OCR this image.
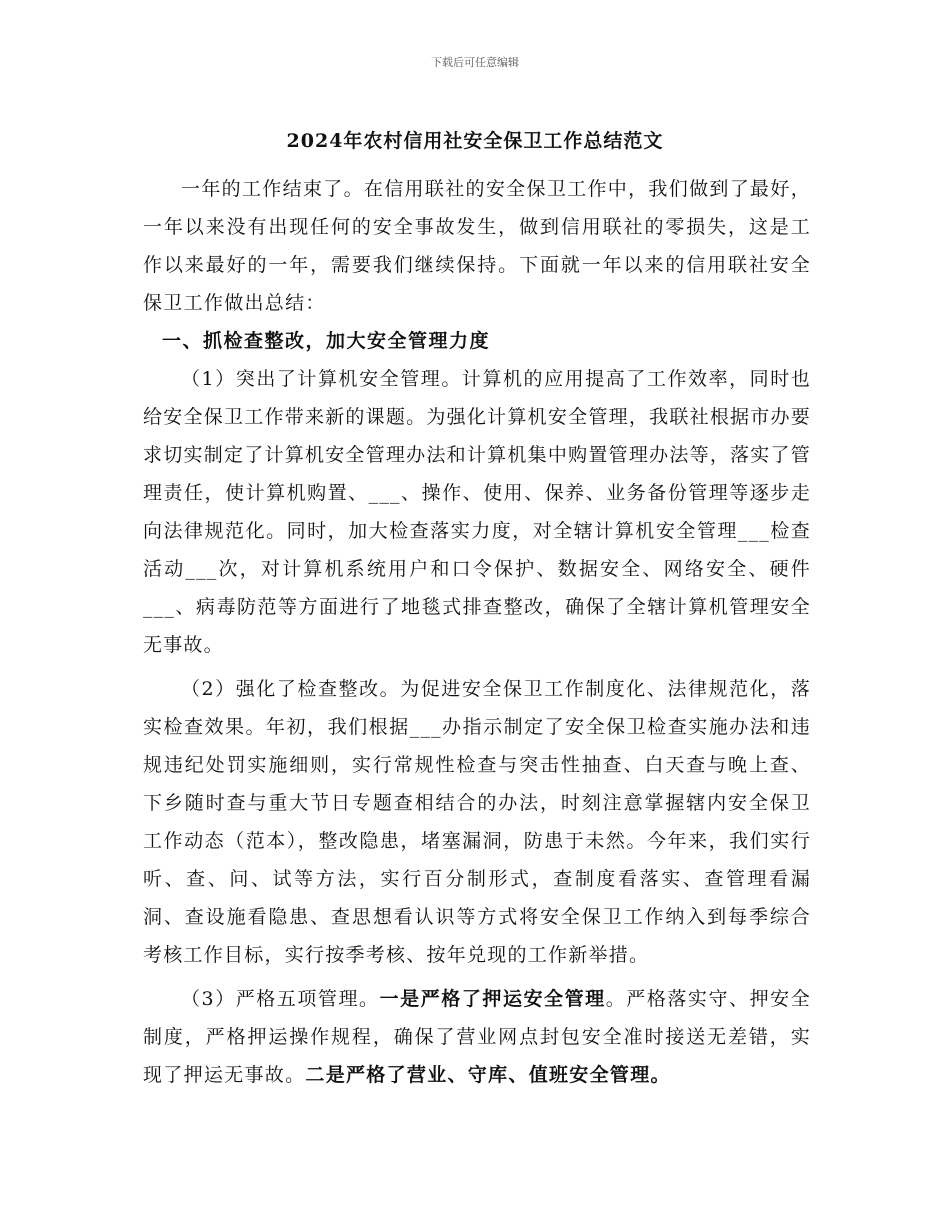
下载后可任意编辑
2024年农村信用社安全保卫工作总结范文

一年的工作结束了。在信用联社的安全保卫工作中，我们做到了最好，一年以来没有出现任何的安全事故发生，做到信用联社的零损失，这是工作以来最好的一年，需要我们继续保持。下面就一年以来的信用联社安全保卫工作做出总结：

一、抓检查整改，加大安全管理力度

（1）突出了计算机安全管理。计算机的应用提高了工作效率，同时也给安全保卫工作带来新的课题。为强化计算机安全管理，我联社根据市办要求切实制定了计算机安全管理办法和计算机集中购置管理办法等，落实了管理责任，使计算机购置、___、操作、使用、保养、业务备份管理等逐步走向法律规范化。同时，加大检查落实力度，对全辖计算机安全管理___检查活动___次，对计算机系统用户和口令保护、数据安全、网络安全、硬件___、病毒防范等方面进行了地毯式排查整改，确保了全辖计算机管理安全无事故。

（2）强化了检查整改。为促进安全保卫工作制度化、法律规范化，落实检查效果。年初，我们根据___办指示制定了安全保卫检查实施办法和违规违纪处罚实施细则，实行常规性检查与突击性抽查、白天查与晚上查、下乡随时查与重大节日专题查相结合的办法，时刻注意掌握辖内安全保卫工作动态（范本），整改隐患，堵塞漏洞，防患于未然。今年来，我们实行听、查、问、试等方法，实行百分制形式，查制度看落实、查管理看漏洞、查设施看隐患、查思想看认识等方式将安全保卫工作纳入到每季综合考核工作目标，实行按季考核、按年兑现的工作新举措。

（3）严格五项管理。一是严格了押运安全管理。严格落实守、押安全制度，严格押运操作规程，确保了营业网点封包安全准时接送无差错，实现了押运无事故。二是严格了营业、守库、值班安全管理。
